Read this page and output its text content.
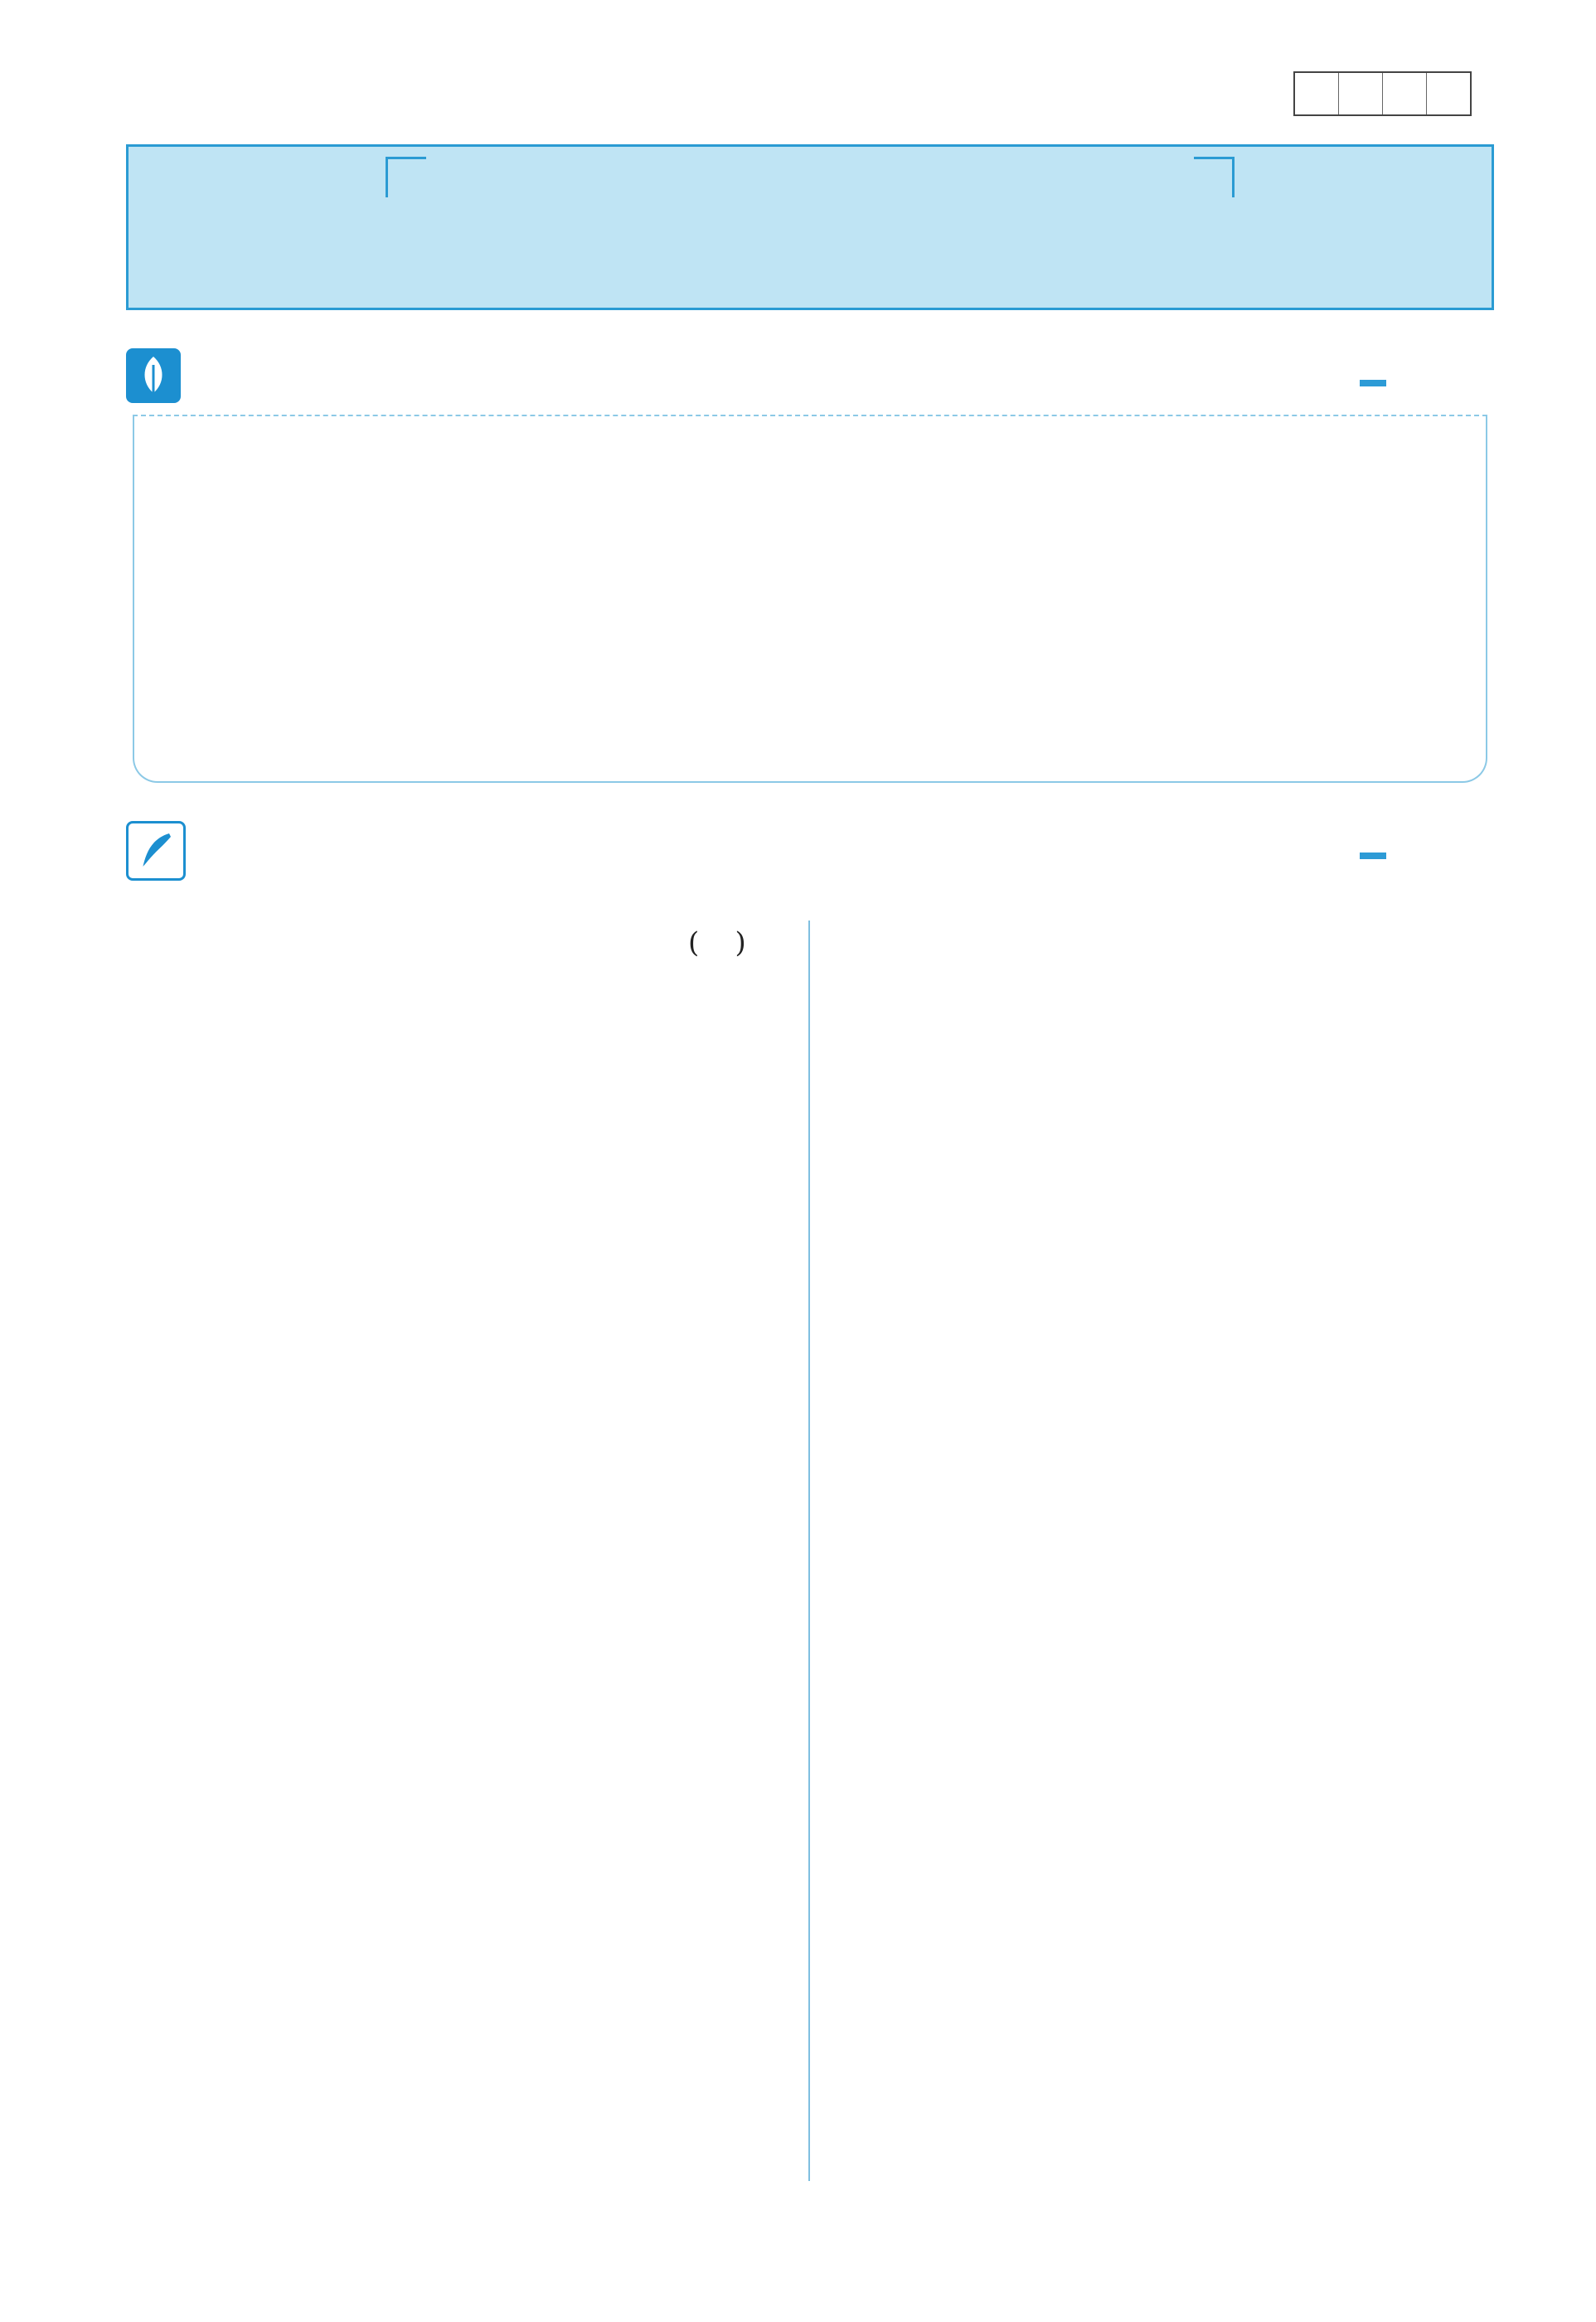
(    )
